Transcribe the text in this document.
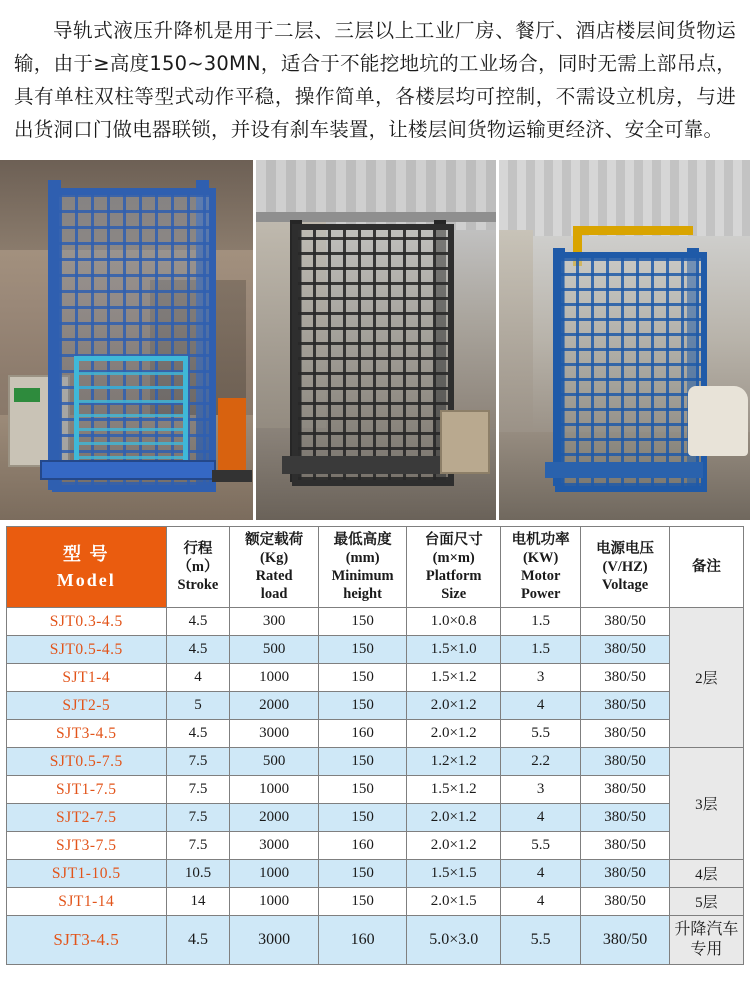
导轨式液压升降机是用于二层、三层以上工业厂房、餐厅、酒店楼层间货物运输，由于≥高度150~30MN，适合于不能挖地坑的工业场合，同时无需上部吊点，具有单柱双柱等型式动作平稳，操作简单，各楼层均可控制，不需设立机房，与进出货洞口门做电器联锁，并设有刹车装置，让楼层间货物运输更经济、安全可靠。
型 号
Model	行程
（m）
Stroke	额定载荷
(Kg)
Rated
load	最低高度
(mm)
Minimum
height	台面尺寸
(m×m)
Platform
Size	电机功率
(KW)
Motor
Power	电源电压
(V/HZ)
Voltage	备注

SJT0.3-4.5	4.5	300	150	1.0×0.8	1.5	380/50	2层
SJT0.5-4.5	4.5	500	150	1.5×1.0	1.5	380/50	
SJT1-4	4	1000	150	1.5×1.2	3	380/50	
SJT2-5	5	2000	150	2.0×1.2	4	380/50	
SJT3-4.5	4.5	3000	160	2.0×1.2	5.5	380/50	
SJT0.5-7.5	7.5	500	150	1.2×1.2	2.2	380/50	3层
SJT1-7.5	7.5	1000	150	1.5×1.2	3	380/50	
SJT2-7.5	7.5	2000	150	2.0×1.2	4	380/50	
SJT3-7.5	7.5	3000	160	2.0×1.2	5.5	380/50	
SJT1-10.5	10.5	1000	150	1.5×1.5	4	380/50	4层
SJT1-14	14	1000	150	2.0×1.5	4	380/50	5层
SJT3-4.5	4.5	3000	160	5.0×3.0	5.5	380/50	升降汽车专用
